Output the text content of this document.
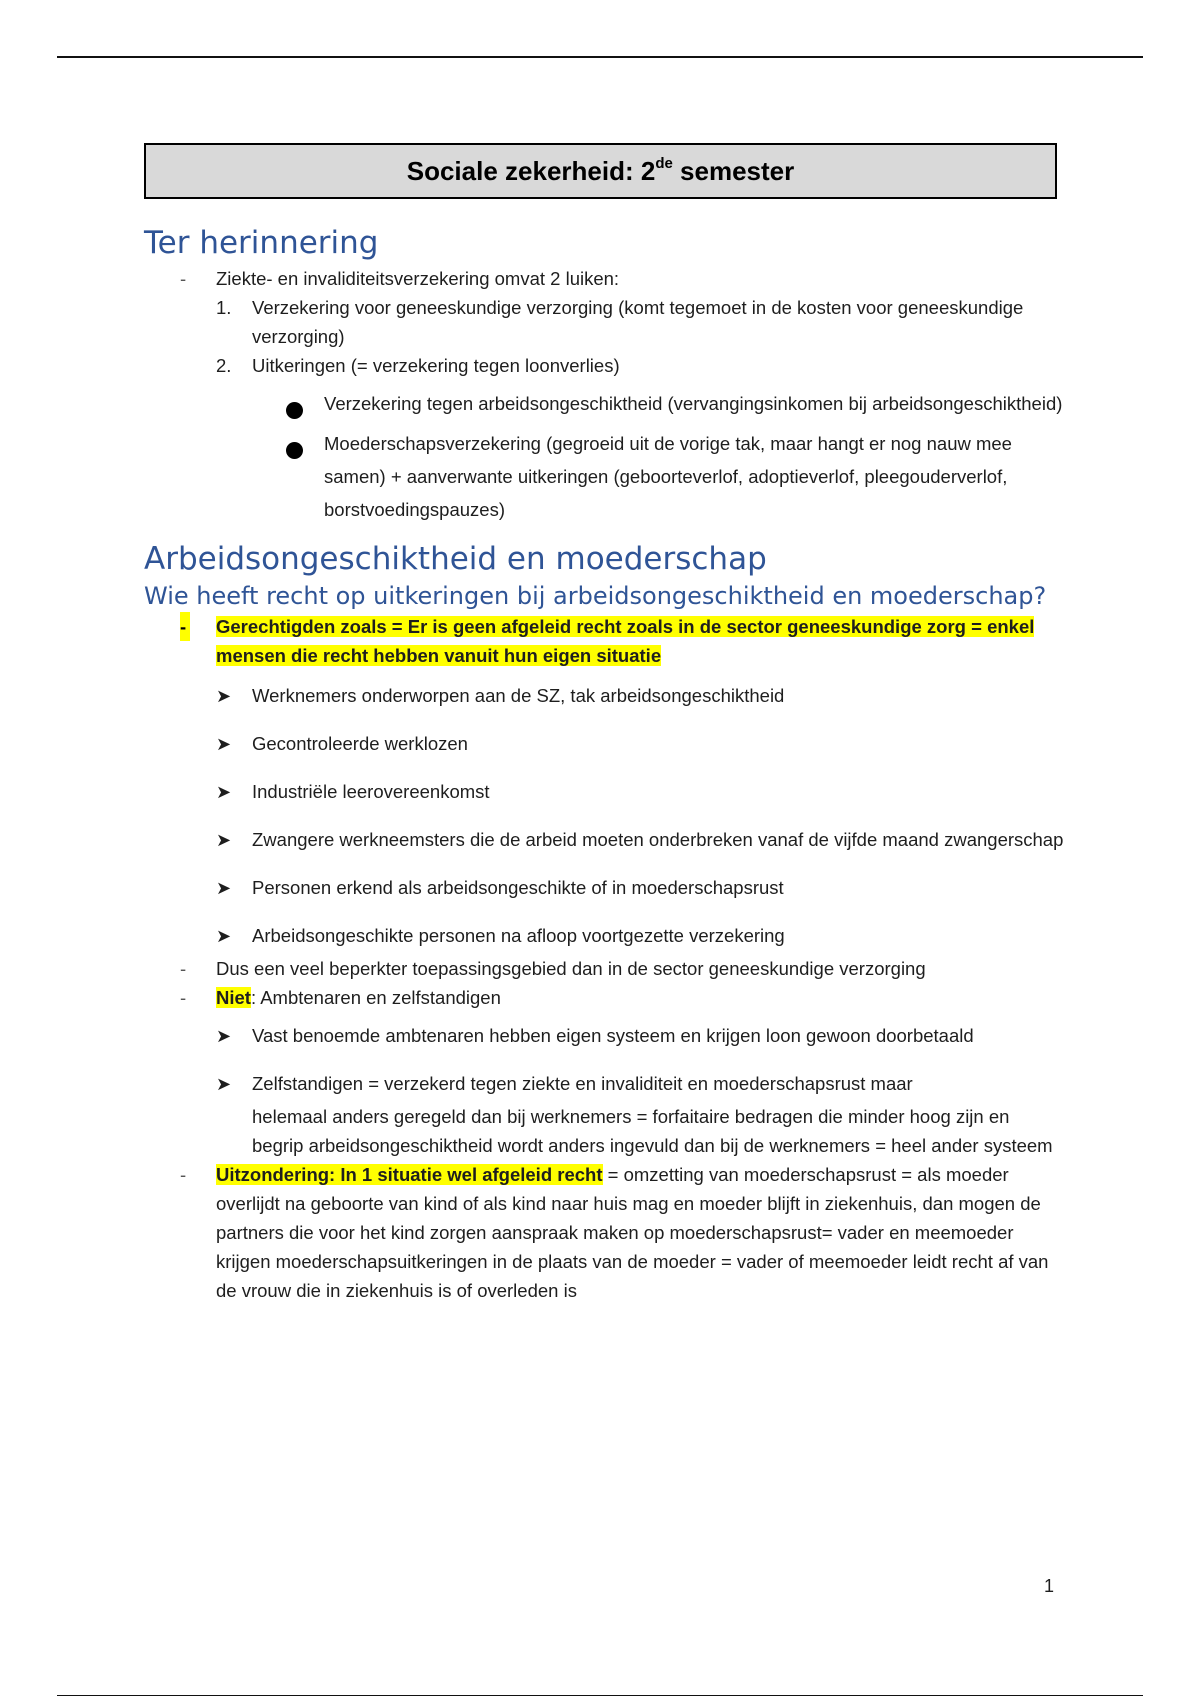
Sociale zekerheid: 2de semester
Ter herinnering
- Ziekte- en invaliditeitsverzekering omvat 2 luiken:
1. Verzekering voor geneeskundige verzorging (komt tegemoet in de kosten voor geneeskundige verzorging)
2. Uitkeringen (= verzekering tegen loonverlies)
Verzekering tegen arbeidsongeschiktheid (vervangingsinkomen bij arbeidsongeschiktheid)
Moederschapsverzekering (gegroeid uit de vorige tak, maar hangt er nog nauw mee samen) + aanverwante uitkeringen (geboorteverlof, adoptieverlof, pleegouderverlof, borstvoedingspauzes)
Arbeidsongeschiktheid en moederschap
Wie heeft recht op uitkeringen bij arbeidsongeschiktheid en moederschap?
- Gerechtigden zoals = Er is geen afgeleid recht zoals in de sector geneeskundige zorg = enkel
mensen die recht hebben vanuit hun eigen situatie
➤ Werknemers onderworpen aan de SZ, tak arbeidsongeschiktheid
➤ Gecontroleerde werklozen
➤ Industriële leerovereenkomst
➤ Zwangere werkneemsters die de arbeid moeten onderbreken vanaf de vijfde maand zwangerschap
➤ Personen erkend als arbeidsongeschikte of in moederschapsrust
➤ Arbeidsongeschikte personen na afloop voortgezette verzekering
- Dus een veel beperkter toepassingsgebied dan in de sector geneeskundige verzorging
- Niet: Ambtenaren en zelfstandigen
➤ Vast benoemde ambtenaren hebben eigen systeem en krijgen loon gewoon doorbetaald
➤ Zelfstandigen = verzekerd tegen ziekte en invaliditeit en moederschapsrust maar
helemaal anders geregeld dan bij werknemers = forfaitaire bedragen die minder hoog zijn en begrip arbeidsongeschiktheid wordt anders ingevuld dan bij de werknemers = heel ander systeem
- Uitzondering: In 1 situatie wel afgeleid recht = omzetting van moederschapsrust = als moeder overlijdt na geboorte van kind of als kind naar huis mag en moeder blijft in ziekenhuis, dan mogen de partners die voor het kind zorgen aanspraak maken op moederschapsrust= vader en meemoeder krijgen moederschapsuitkeringen in de plaats van de moeder = vader of meemoeder leidt recht af van de vrouw die in ziekenhuis is of overleden is
1
